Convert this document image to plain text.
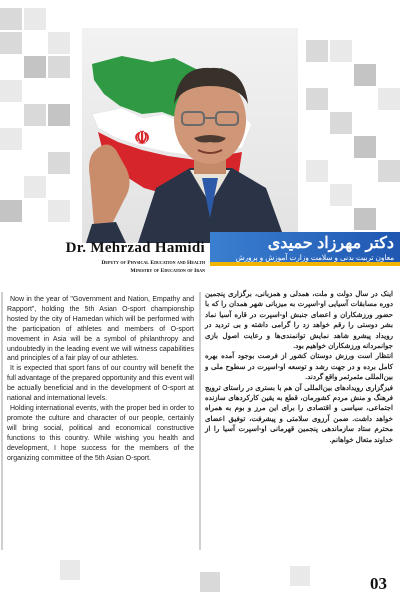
☫
Dr. Mehrzad Hamidi
Deputy of Physical Education and Health
Ministry of Education of Iran
دکتر مهرزاد حمیدی
معاون تربیت بدنی و سلامت وزارت آموزش و پرورش

Now in the year of "Government and Nation, Empathy and Rapport", holding the 5th Asian O-sport championship hosted by the city of Hamedan which will be performed with the participation of athletes and members of O-sport movement in Asia will be a symbol of philanthropy and undoubtedly in the leading event we will witness capabilities and principles of a fair play of our athletes.

It is expected that sport fans of our country will benefit the full advantage of the prepared opportunity and this event will be actually beneficial and in the development of O-sport at national and international levels.

Holding international events, with the proper bed in order to promote the culture and character of our people, certainly will bring social, political and economical constructive functions to this country. While wishing you health and development, I hope success for the members of the organizing committee of the 5th Asian O-sport.

اینک در سال دولت و ملت، همدلی و همزبانی، برگزاری پنجمین دوره مسابقات آسیایی او-اسپرت به میزبانی شهر همدان را که با حضور ورزشکاران و اعضای جنبش او-اسپرت در قاره آسیا نماد بشر دوستی را رقم خواهد زد را گرامی داشته و بی تردید در رویداد پیشرو شاهد نمایش توانمندی‌ها و رعایت اصول بازی جوانمردانه ورزشکاران خواهیم بود.

انتظار است ورزش دوستان کشور از فرصت بوجود آمده بهره کامل برده و در جهت رشد و توسعه او-اسپرت در سطوح ملی و بین‌المللی مثمرثمر واقع گردند.

فیزگزاری رویدادهای بین‌المللی آن هم با بستری در راستای ترویج فرهنگ و منش مردم کشورمان، قطع به یقین کارکردهای سازنده اجتماعی، سیاسی و اقتصادی را برای این مرز و بوم به همراه خواهد داشت. ضمن آرزوی سلامتی و پیشرفت، توفیق اعضای محترم ستاد سازماندهی پنجمین قهرمانی او-اسپرت آسیا را از خداوند متعال خواهانم.

03
